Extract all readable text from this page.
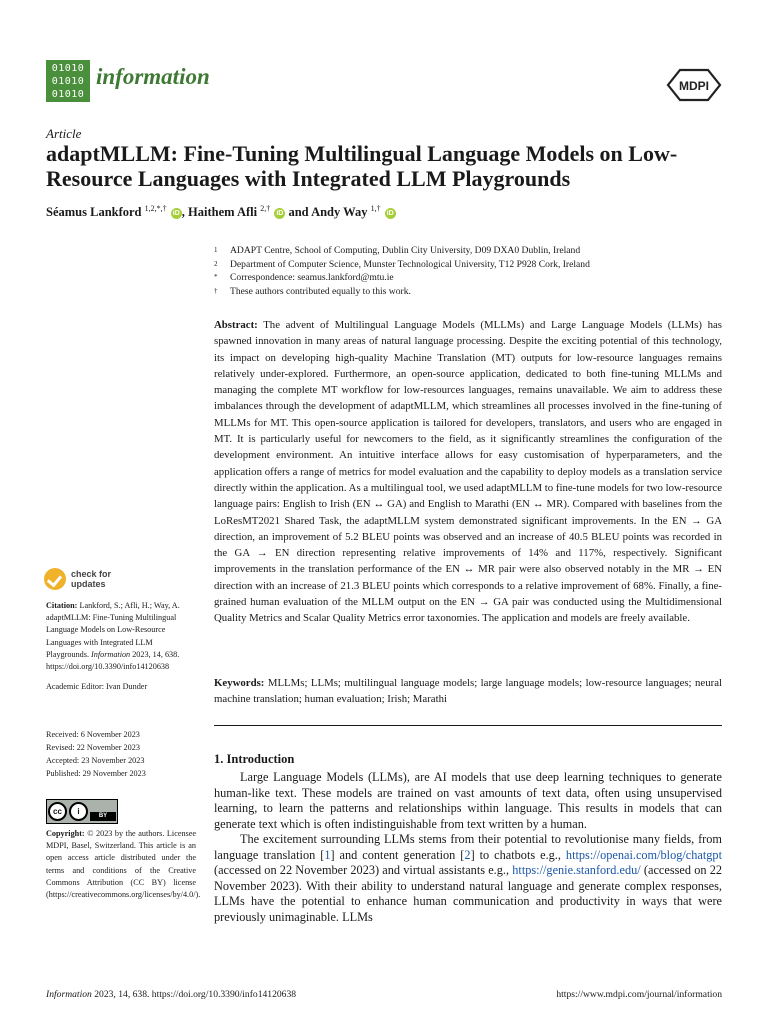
01010
01010
01010
information	MDPI
Article
adaptMLLM: Fine-Tuning Multilingual Language Models on Low-Resource Languages with Integrated LLM Playgrounds
Séamus Lankford $^{1,2,*,\dagger}$ iD , Haithem Afli $^{2,\dagger}$ iD and Andy Way $^{1,\dagger}$ iD
1	ADAPT Centre, School of Computing, Dublin City University, D09 DXA0 Dublin, Ireland
2	Department of Computer Science, Munster Technological University, T12 P928 Cork, Ireland
*	Correspondence: seamus.lankford@mtu.ie
†	These authors contributed equally to this work.
Abstract: The advent of Multilingual Language Models (MLLMs) and Large Language Models (LLMs) has spawned innovation in many areas of natural language processing. Despite the exciting potential of this technology, its impact on developing high-quality Machine Translation (MT) outputs for low-resource languages remains relatively under-explored. Furthermore, an open-source application, dedicated to both fine-tuning MLLMs and managing the complete MT workflow for low-resources languages, remains unavailable. We aim to address these imbalances through the development of adaptMLLM, which streamlines all processes involved in the fine-tuning of MLLMs for MT. This open-source application is tailored for developers, translators, and users who are engaged in MT. It is particularly useful for newcomers to the field, as it significantly streamlines the configuration of the development environment. An intuitive interface allows for easy customisation of hyperparameters, and the application offers a range of metrics for model evaluation and the capability to deploy models as a translation service directly within the application. As a multilingual tool, we used adaptMLLM to fine-tune models for two low-resource language pairs: English to Irish (EN ↔ GA) and English to Marathi (EN ↔ MR). Compared with baselines from the LoResMT2021 Shared Task, the adaptMLLM system demonstrated significant improvements. In the EN → GA direction, an improvement of 5.2 BLEU points was observed and an increase of 40.5 BLEU points was recorded in the GA → EN direction representing relative improvements of 14% and 117%, respectively. Significant improvements in the translation performance of the EN ↔ MR pair were also observed notably in the MR → EN direction with an increase of 21.3 BLEU points which corresponds to a relative improvement of 68%. Finally, a fine-grained human evaluation of the MLLM output on the EN → GA pair was conducted using the Multidimensional Quality Metrics and Scalar Quality Metrics error taxonomies. The application and models are freely available.
Keywords: MLLMs; LLMs; multilingual language models; large language models; low-resource languages; neural machine translation; human evaluation; Irish; Marathi
1. Introduction

Large Language Models (LLMs), are AI models that use deep learning techniques to generate human-like text. These models are trained on vast amounts of text data, often using unsupervised learning, to learn the patterns and relationships within language. This results in models that can generate text which is often indistinguishable from text written by a human.

The excitement surrounding LLMs stems from their potential to revolutionise many fields, from language translation [1] and content generation [2] to chatbots e.g., https://openai.com/blog/chatgpt (accessed on 22 November 2023) and virtual assistants e.g., https://genie.stanford.edu/ (accessed on 22 November 2023). With their ability to understand natural language and generate complex responses, LLMs have the potential to enhance human communication and productivity in ways that were previously unimaginable. LLMs

check for
updates
Citation: Lankford, S.; Afli, H.; Way, A. adaptMLLM: Fine-Tuning Multilingual Language Models on Low-Resource Languages with Integrated LLM Playgrounds. Information 2023, 14, 638. https://doi.org/10.3390/info14120638
Academic Editor: Ivan Dunder
Received: 6 November 2023
Revised: 22 November 2023
Accepted: 23 November 2023
Published: 29 November 2023
cc	i	BY
Copyright: © 2023 by the authors. Licensee MDPI, Basel, Switzerland. This article is an open access article distributed under the terms and conditions of the Creative Commons Attribution (CC BY) license (https://creativecommons.org/licenses/by/4.0/).
Information 2023, 14, 638. https://doi.org/10.3390/info14120638	https://www.mdpi.com/journal/information
